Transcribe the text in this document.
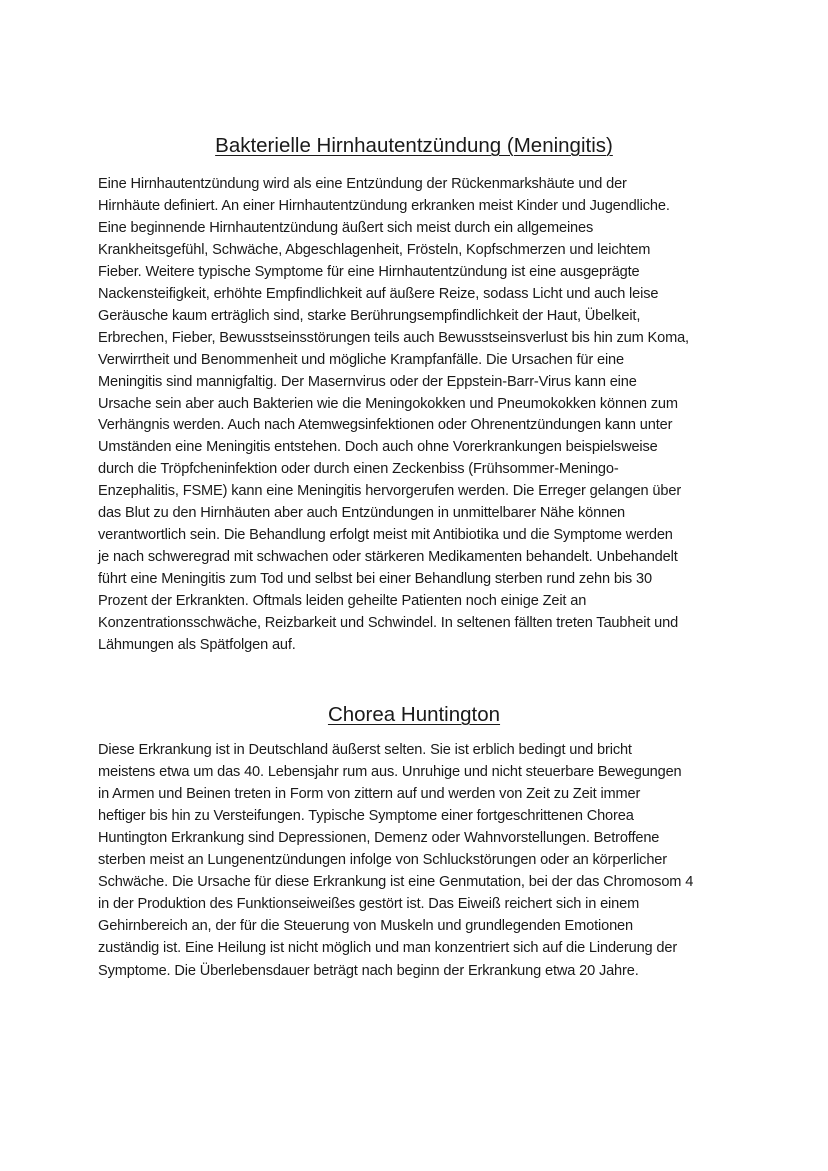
Bakterielle Hirnhautentzündung (Meningitis)
Eine Hirnhautentzündung wird als eine Entzündung der Rückenmarkshäute und der
Hirnhäute definiert. An einer Hirnhautentzündung erkranken meist Kinder und Jugendliche.
Eine beginnende Hirnhautentzündung äußert sich meist durch ein allgemeines
Krankheitsgefühl, Schwäche, Abgeschlagenheit, Frösteln, Kopfschmerzen und leichtem
Fieber. Weitere typische Symptome für eine Hirnhautentzündung ist eine ausgeprägte
Nackensteifigkeit, erhöhte Empfindlichkeit auf äußere Reize, sodass Licht und auch leise
Geräusche kaum erträglich sind, starke Berührungsempfindlichkeit der Haut, Übelkeit,
Erbrechen, Fieber, Bewusstseinsstörungen teils auch Bewusstseinsverlust bis hin zum Koma,
Verwirrtheit und Benommenheit und mögliche Krampfanfälle. Die Ursachen für eine
Meningitis sind mannigfaltig. Der Masernvirus oder der Eppstein-Barr-Virus kann eine
Ursache sein aber auch Bakterien wie die Meningokokken und Pneumokokken können zum
Verhängnis werden. Auch nach Atemwegsinfektionen oder Ohrenentzündungen kann unter
Umständen eine Meningitis entstehen. Doch auch ohne Vorerkrankungen beispielsweise
durch die Tröpfcheninfektion oder durch einen Zeckenbiss (Frühsommer-Meningo-
Enzephalitis, FSME) kann eine Meningitis hervorgerufen werden. Die Erreger gelangen über
das Blut zu den Hirnhäuten aber auch Entzündungen in unmittelbarer Nähe können
verantwortlich sein. Die Behandlung erfolgt meist mit Antibiotika und die Symptome werden
je nach schweregrad mit schwachen oder stärkeren Medikamenten behandelt. Unbehandelt
führt eine Meningitis zum Tod und selbst bei einer Behandlung sterben rund zehn bis 30
Prozent der Erkrankten. Oftmals leiden geheilte Patienten noch einige Zeit an
Konzentrationsschwäche, Reizbarkeit und Schwindel. In seltenen fällten treten Taubheit und
Lähmungen als Spätfolgen auf.
Chorea Huntington
Diese Erkrankung ist in Deutschland äußerst selten. Sie ist erblich bedingt und bricht
meistens etwa um das 40. Lebensjahr rum aus. Unruhige und nicht steuerbare Bewegungen
in Armen und Beinen treten in Form von zittern auf und werden von Zeit zu Zeit immer
heftiger bis hin zu Versteifungen. Typische Symptome einer fortgeschrittenen Chorea
Huntington Erkrankung sind Depressionen, Demenz oder Wahnvorstellungen. Betroffene
sterben meist an Lungenentzündungen infolge von Schluckstörungen oder an körperlicher
Schwäche. Die Ursache für diese Erkrankung ist eine Genmutation, bei der das Chromosom 4
in der Produktion des Funktionseiweißes gestört ist. Das Eiweiß reichert sich in einem
Gehirnbereich an, der für die Steuerung von Muskeln und grundlegenden Emotionen
zuständig ist. Eine Heilung ist nicht möglich und man konzentriert sich auf die Linderung der
Symptome. Die Überlebensdauer beträgt nach beginn der Erkrankung etwa 20 Jahre.
